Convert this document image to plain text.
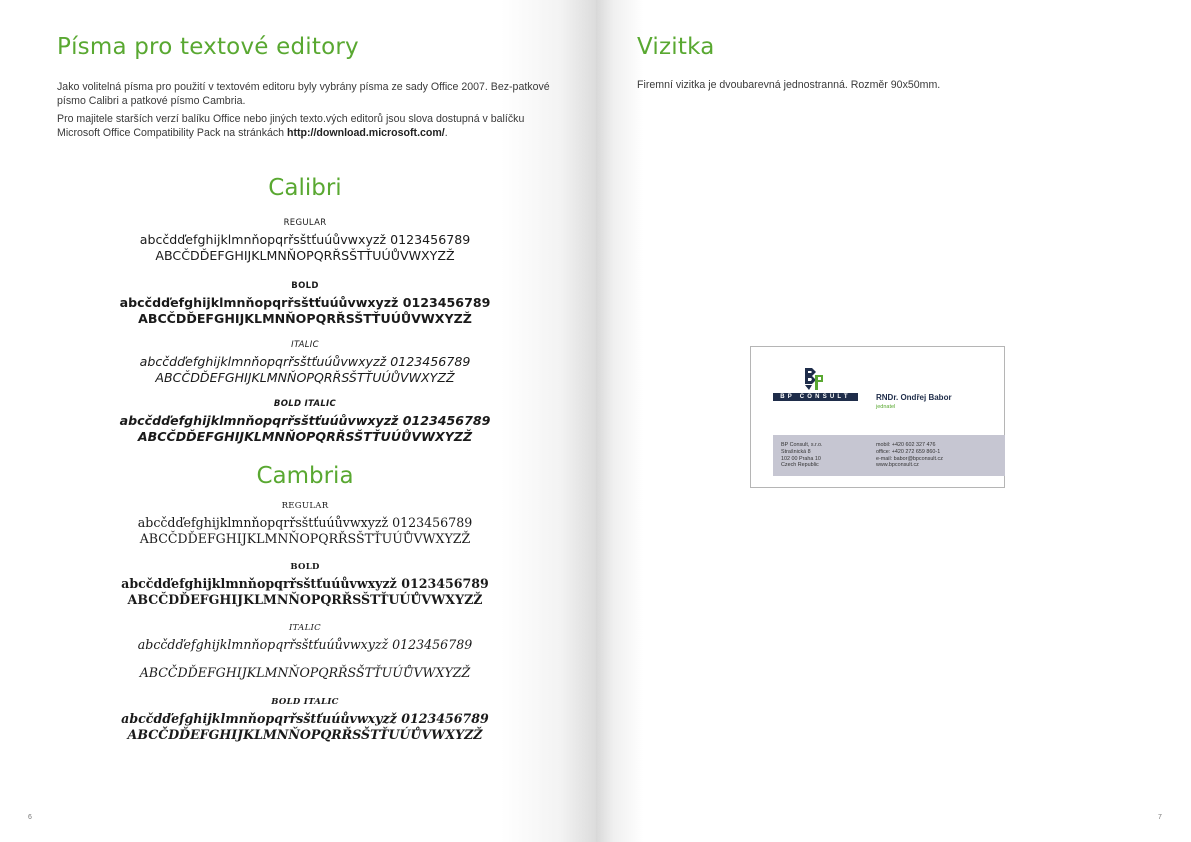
Písma pro textové editory

Jako volitelná písma pro použití v textovém editoru byly vybrány písma ze sady Office 2007. Bez-patkové písmo Calibri a patkové písmo Cambria.

Pro majitele starších verzí balíku Office nebo jiných texto.vých editorů jsou slova dostupná v balíčku Microsoft Office Compatibility Pack na stránkách http://download.microsoft.com/.

Calibri
REGULAR
abcčdďefghijklmnňopqrřsštťuúůvwxyzž 0123456789
ABCČDĎEFGHIJKLMNŇOPQRŘSŠTŤUÚŮVWXYZŽ
BOLD
abcčdďefghijklmnňopqrřsštťuúůvwxyzž 0123456789
ABCČDĎEFGHIJKLMNŇOPQRŘSŠTŤUÚŮVWXYZŽ
ITALIC
abcčdďefghijklmnňopqrřsštťuúůvwxyzž 0123456789
ABCČDĎEFGHIJKLMNŇOPQRŘSŠTŤUÚŮVWXYZŽ
BOLD ITALIC
abcčdďefghijklmnňopqrřsštťuúůvwxyzž 0123456789
ABCČDĎEFGHIJKLMNŇOPQRŘSŠTŤUÚŮVWXYZŽ
Cambria
REGULAR
abcčdďefghijklmnňopqrřsštťuúůvwxyzž 0123456789
ABCČDĎEFGHIJKLMNŇOPQRŘSŠTŤUÚŮVWXYZŽ
BOLD
abcčdďefghijklmnňopqrřsštťuúůvwxyzž 0123456789
ABCČDĎEFGHIJKLMNŇOPQRŘSŠTŤUÚŮVWXYZŽ
ITALIC
abcčdďefghijklmnňopqrřsštťuúůvwxyzž 0123456789
ABCČDĎEFGHIJKLMNŇOPQRŘSŠTŤUÚŮVWXYZŽ
BOLD ITALIC
abcčdďefghijklmnňopqrřsštťuúůvwxyzž 0123456789
ABCČDĎEFGHIJKLMNŇOPQRŘSŠTŤUÚŮVWXYZŽ
6
Vizitka
Firemní vizitka je dvoubarevná jednostranná. Rozměr 90x50mm.
BP CONSULT	RNDr. Ondřej Babor
jednatel
BP Consult, s.r.o.
Strašnická 8
102 00 Praha 10
Czech Republic
mobil: +420 602 327 476
office: +420 272 659 860-1
e-mail: babor@bpconsult.cz
www.bpconsult.cz
7
